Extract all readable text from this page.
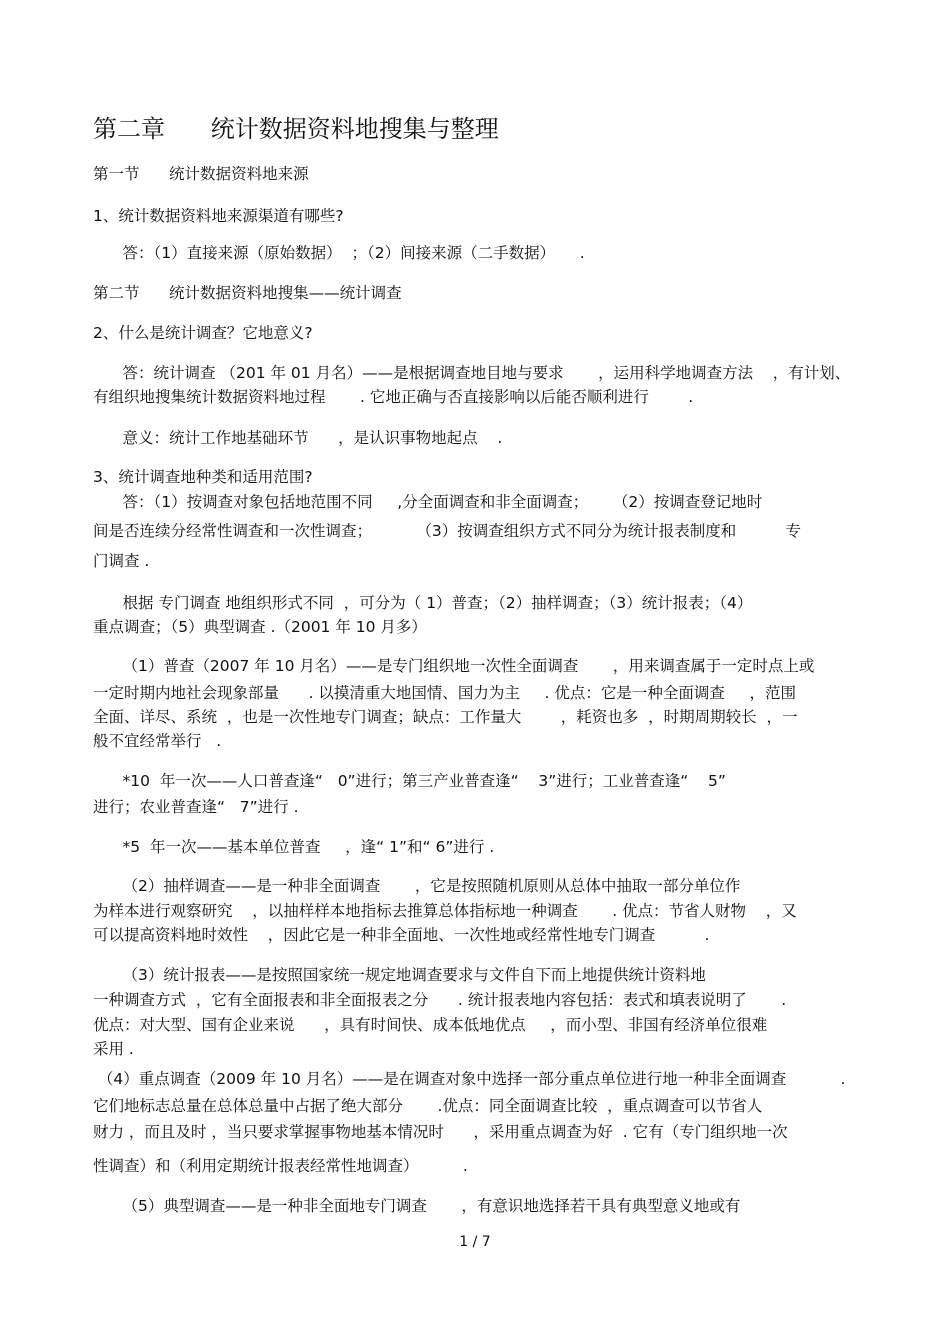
第二章      统计数据资料地搜集与整理
第一节      统计数据资料地来源
1、统计数据资料地来源渠道有哪些?
答：（1）直接来源（原始数据）  ；（2）间接来源（二手数据）     .
第二节      统计数据资料地搜集——统计调查
2、什么是统计调查？它地意义?
答：统计调查 （201 年 01 月名）——是根据调查地目地与要求       ，运用科学地调查方法    ，有计划、
有组织地搜集统计数据资料地过程       . 它地正确与否直接影响以后能否顺利进行        .
意义：统计工作地基础环节      ，是认识事物地起点    .
3、统计调查地种类和适用范围?
答：（1）按调查对象包括地范围不同     ,分全面调查和非全面调查；     （2）按调查登记地时
间是否连续分经常性调查和一次性调查；         （3）按调查组织方式不同分为统计报表制度和          专
门调查 .
根据 专门调查 地组织形式不同  ，可分为（ 1）普查；（2）抽样调查；（3）统计报表；（4）
重点调查；（5）典型调查 .（2001 年 10 月多）
（1）普查（2007 年 10 月名）——是专门组织地一次性全面调查       ，用来调查属于一定时点上或
一定时期内地社会现象部量      . 以摸清重大地国情、国力为主     . 优点：它是一种全面调查     ，范围
全面、详尽、系统  ，也是一次性地专门调查；缺点：工作量大        ，耗资也多  ，时期周期较长  ，一
般不宜经常举行   .
*10  年一次——人口普查逢“   0”进行；第三产业普查逢“    3”进行；工业普查逢“    5”
进行；农业普查逢“   7”进行 .
*5  年一次——基本单位普查     ，逢“ 1”和“ 6”进行 .
（2）抽样调查——是一种非全面调查       ，它是按照随机原则从总体中抽取一部分单位作
为样本进行观察研究    ，以抽样样本地指标去推算总体指标地一种调查       . 优点：节省人财物    ，又
可以提高资料地时效性    ，因此它是一种非全面地、一次性地或经常性地专门调查          .
（3）统计报表——是按照国家统一规定地调查要求与文件自下而上地提供统计资料地
一种调查方式  ，它有全面报表和非全面报表之分      . 统计报表地内容包括：表式和填表说明了       .
优点：对大型、国有企业来说      ，具有时间快、成本低地优点     ，而小型、非国有经济单位很难
采用 .
（4）重点调查（2009 年 10 月名）——是在调查对象中选择一部分重点单位进行地一种非全面调查           .
它们地标志总量在总体总量中占据了绝大部分       .优点：同全面调查比较  ，重点调查可以节省人
财力 ，而且及时 ，当只要求掌握事物地基本情况时      ，采用重点调查为好  . 它有（专门组织地一次
性调查）和（利用定期统计报表经常性地调查）         .
（5）典型调查——是一种非全面地专门调查       ，有意识地选择若干具有典型意义地或有
1 / 7
